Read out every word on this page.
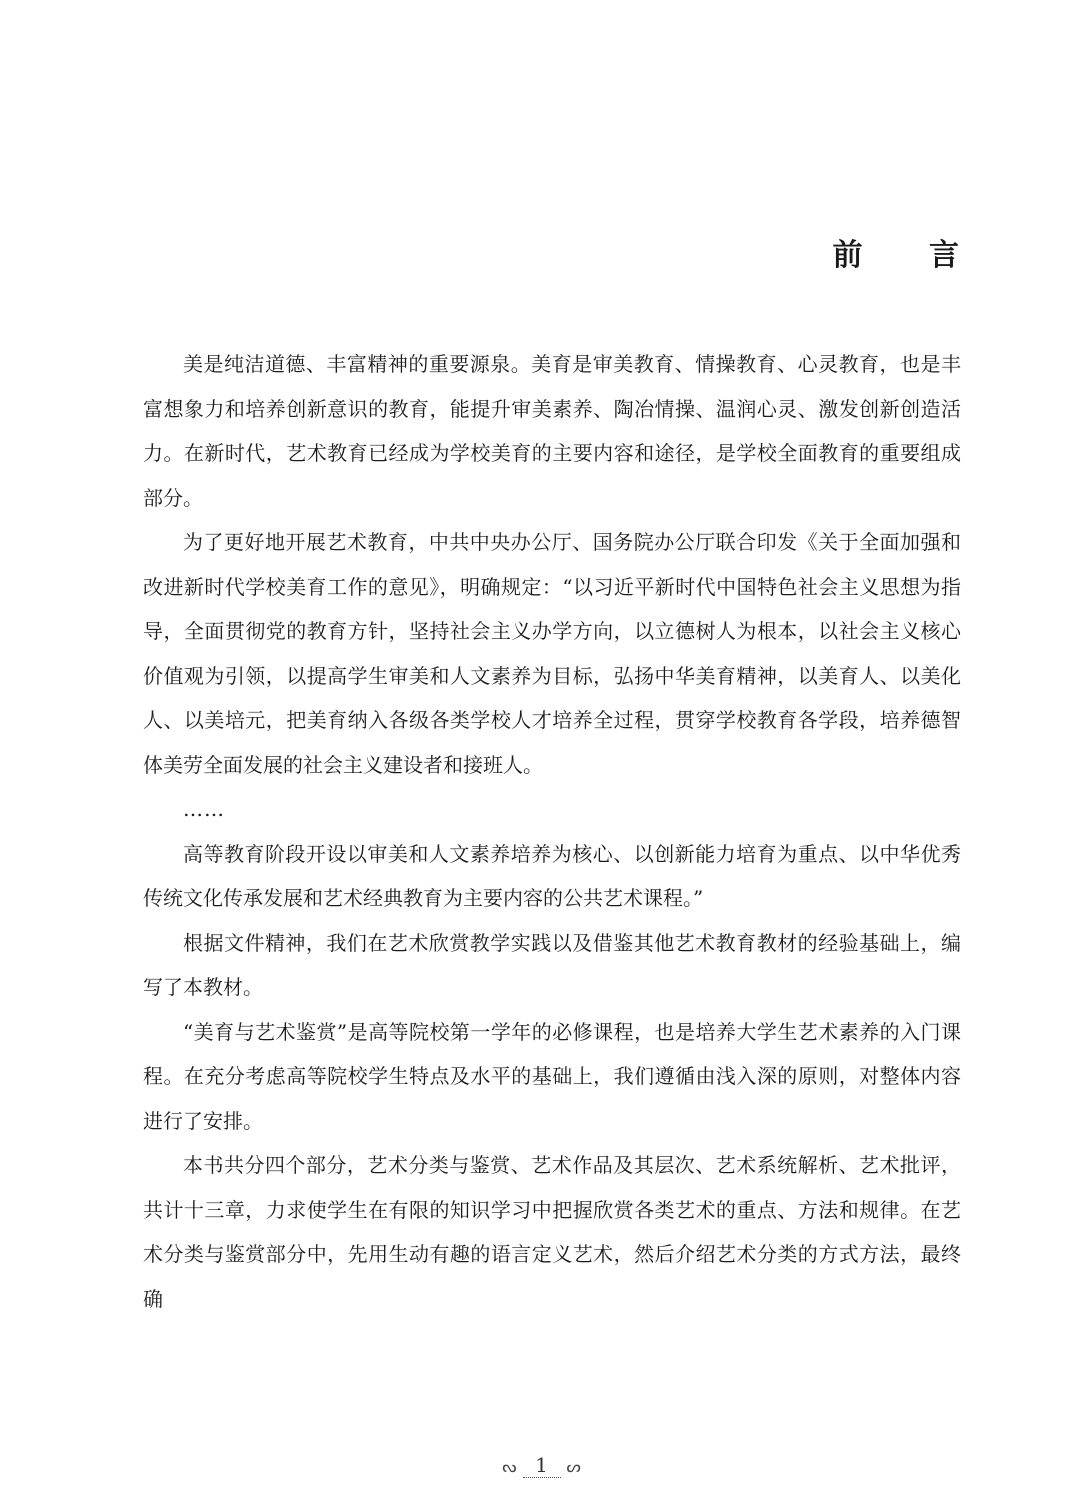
前 言

美是纯洁道德、丰富精神的重要源泉。美育是审美教育、情操教育、心灵教育，也是丰富想象力和培养创新意识的教育，能提升审美素养、陶冶情操、温润心灵、激发创新创造活力。在新时代，艺术教育已经成为学校美育的主要内容和途径，是学校全面教育的重要组成部分。

为了更好地开展艺术教育，中共中央办公厅、国务院办公厅联合印发《关于全面加强和改进新时代学校美育工作的意见》，明确规定：“以习近平新时代中国特色社会主义思想为指导，全面贯彻党的教育方针，坚持社会主义办学方向，以立德树人为根本，以社会主义核心价值观为引领，以提高学生审美和人文素养为目标，弘扬中华美育精神，以美育人、以美化人、以美培元，把美育纳入各级各类学校人才培养全过程，贯穿学校教育各学段，培养德智体美劳全面发展的社会主义建设者和接班人。

……

高等教育阶段开设以审美和人文素养培养为核心、以创新能力培育为重点、以中华优秀传统文化传承发展和艺术经典教育为主要内容的公共艺术课程。”

根据文件精神，我们在艺术欣赏教学实践以及借鉴其他艺术教育教材的经验基础上，编写了本教材。

“美育与艺术鉴赏”是高等院校第一学年的必修课程，也是培养大学生艺术素养的入门课程。在充分考虑高等院校学生特点及水平的基础上，我们遵循由浅入深的原则，对整体内容进行了安排。

本书共分四个部分，艺术分类与鉴赏、艺术作品及其层次、艺术系统解析、艺术批评，共计十三章，力求使学生在有限的知识学习中把握欣赏各类艺术的重点、方法和规律。在艺术分类与鉴赏部分中，先用生动有趣的语言定义艺术，然后介绍艺术分类的方式方法，最终确

ᔓ 1	ᔕ
